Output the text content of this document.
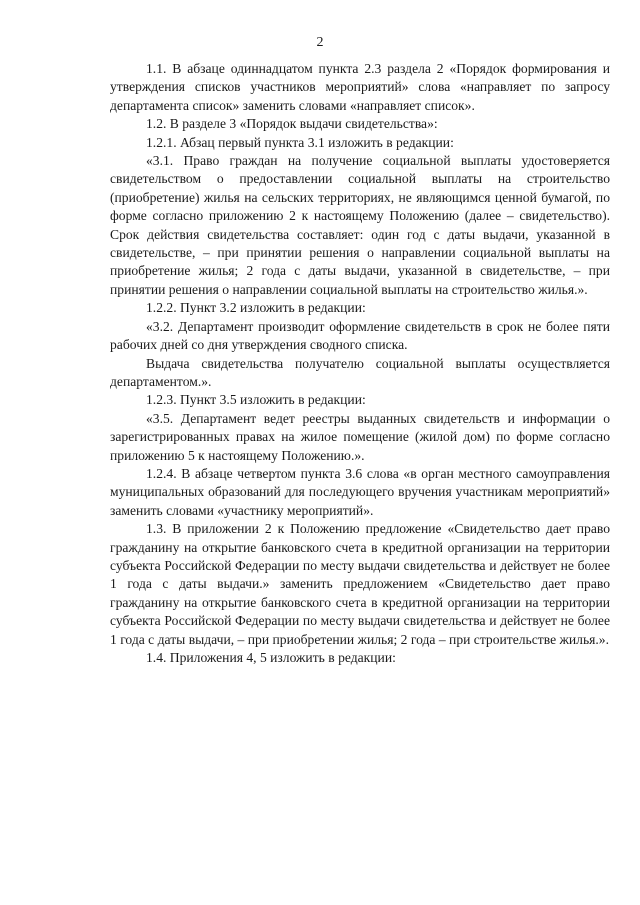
2

1.1. В абзаце одиннадцатом пункта 2.3 раздела 2 «Порядок формирования и утверждения списков участников мероприятий» слова «направляет по запросу департамента список» заменить словами «направляет список».

1.2. В разделе 3 «Порядок выдачи свидетельства»:

1.2.1. Абзац первый пункта 3.1 изложить в редакции:

«3.1. Право граждан на получение социальной выплаты удостоверяется свидетельством о предоставлении социальной выплаты на строительство (приобретение) жилья на сельских территориях, не являющимся ценной бумагой, по форме согласно приложению 2 к настоящему Положению (далее – свидетельство). Срок действия свидетельства составляет: один год с даты выдачи, указанной в свидетельстве, – при принятии решения о направлении социальной выплаты на приобретение жилья; 2 года с даты выдачи, указанной в свидетельстве, – при принятии решения о направлении социальной выплаты на строительство жилья.».

1.2.2. Пункт 3.2 изложить в редакции:

«3.2. Департамент производит оформление свидетельств в срок не более пяти рабочих дней со дня утверждения сводного списка.

Выдача свидетельства получателю социальной выплаты осуществляется департаментом.».

1.2.3. Пункт 3.5 изложить в редакции:

«3.5. Департамент ведет реестры выданных свидетельств и информации о зарегистрированных правах на жилое помещение (жилой дом) по форме согласно приложению 5 к настоящему Положению.».

1.2.4. В абзаце четвертом пункта 3.6 слова «в орган местного самоуправления муниципальных образований для последующего вручения участникам мероприятий» заменить словами «участнику мероприятий».

1.3. В приложении 2 к Положению предложение «Свидетельство дает право гражданину на открытие банковского счета в кредитной организации на территории субъекта Российской Федерации по месту выдачи свидетельства и действует не более 1 года с даты выдачи.» заменить предложением «Свидетельство дает право гражданину на открытие банковского счета в кредитной организации на территории субъекта Российской Федерации по месту выдачи свидетельства и действует не более 1 года с даты выдачи, – при приобретении жилья; 2 года – при строительстве жилья.».

1.4. Приложения 4, 5 изложить в редакции:
